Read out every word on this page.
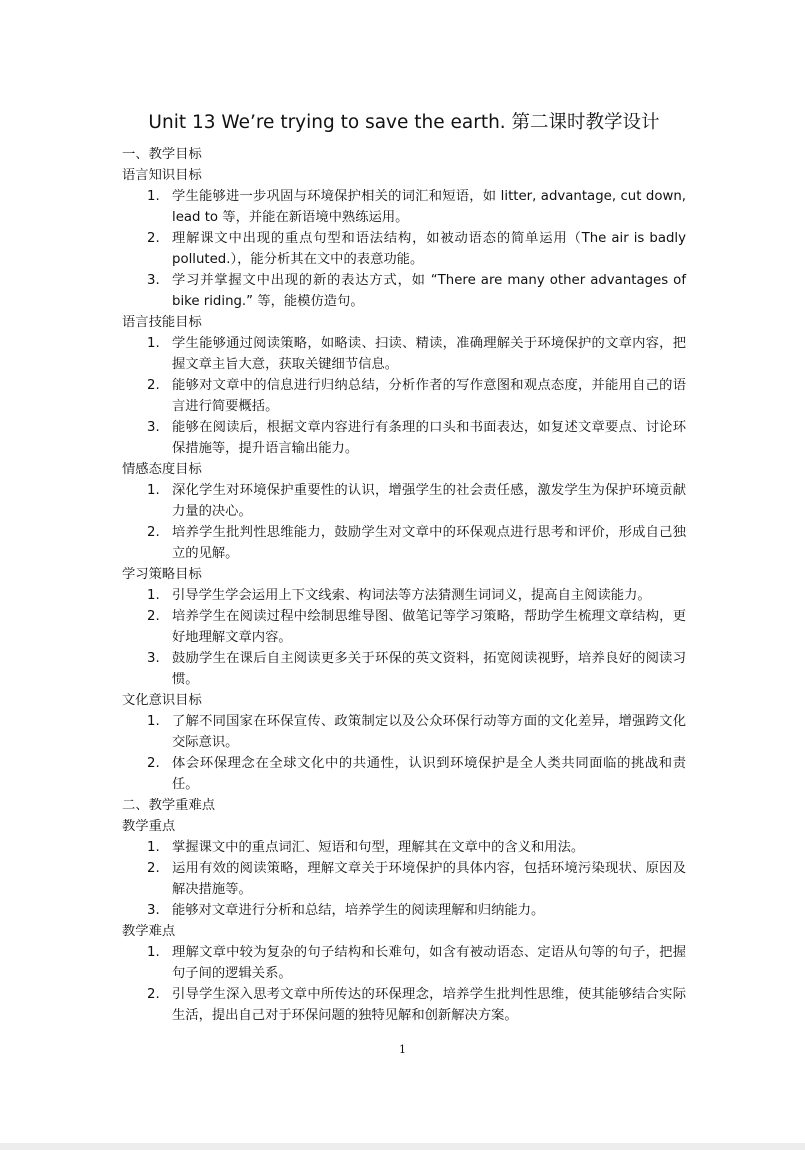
Unit 13 We’re trying to save the earth. 第二课时教学设计

一、教学目标

语言知识目标

1. 学生能够进一步巩固与环境保护相关的词汇和短语，如 litter, advantage, cut down, lead to 等，并能在新语境中熟练运用。
2. 理解课文中出现的重点句型和语法结构，如被动语态的简单运用（The air is badly polluted.），能分析其在文中的表意功能。
3. 学习并掌握文中出现的新的表达方式，如 “There are many other advantages of bike riding.” 等，能模仿造句。

语言技能目标

1. 学生能够通过阅读策略，如略读、扫读、精读，准确理解关于环境保护的文章内容，把握文章主旨大意，获取关键细节信息。
2. 能够对文章中的信息进行归纳总结，分析作者的写作意图和观点态度，并能用自己的语言进行简要概括。
3. 能够在阅读后，根据文章内容进行有条理的口头和书面表达，如复述文章要点、讨论环保措施等，提升语言输出能力。

情感态度目标

1. 深化学生对环境保护重要性的认识，增强学生的社会责任感，激发学生为保护环境贡献力量的决心。
2. 培养学生批判性思维能力，鼓励学生对文章中的环保观点进行思考和评价，形成自己独立的见解。

学习策略目标

1. 引导学生学会运用上下文线索、构词法等方法猜测生词词义，提高自主阅读能力。
2. 培养学生在阅读过程中绘制思维导图、做笔记等学习策略，帮助学生梳理文章结构，更好地理解文章内容。
3. 鼓励学生在课后自主阅读更多关于环保的英文资料，拓宽阅读视野，培养良好的阅读习惯。

文化意识目标

1. 了解不同国家在环保宣传、政策制定以及公众环保行动等方面的文化差异，增强跨文化交际意识。
2. 体会环保理念在全球文化中的共通性，认识到环境保护是全人类共同面临的挑战和责任。

二、教学重难点

教学重点

1. 掌握课文中的重点词汇、短语和句型，理解其在文章中的含义和用法。
2. 运用有效的阅读策略，理解文章关于环境保护的具体内容，包括环境污染现状、原因及解决措施等。
3. 能够对文章进行分析和总结，培养学生的阅读理解和归纳能力。

教学难点

1. 理解文章中较为复杂的句子结构和长难句，如含有被动语态、定语从句等的句子，把握句子间的逻辑关系。
2. 引导学生深入思考文章中所传达的环保理念，培养学生批判性思维，使其能够结合实际生活，提出自己对于环保问题的独特见解和创新解决方案。
1
